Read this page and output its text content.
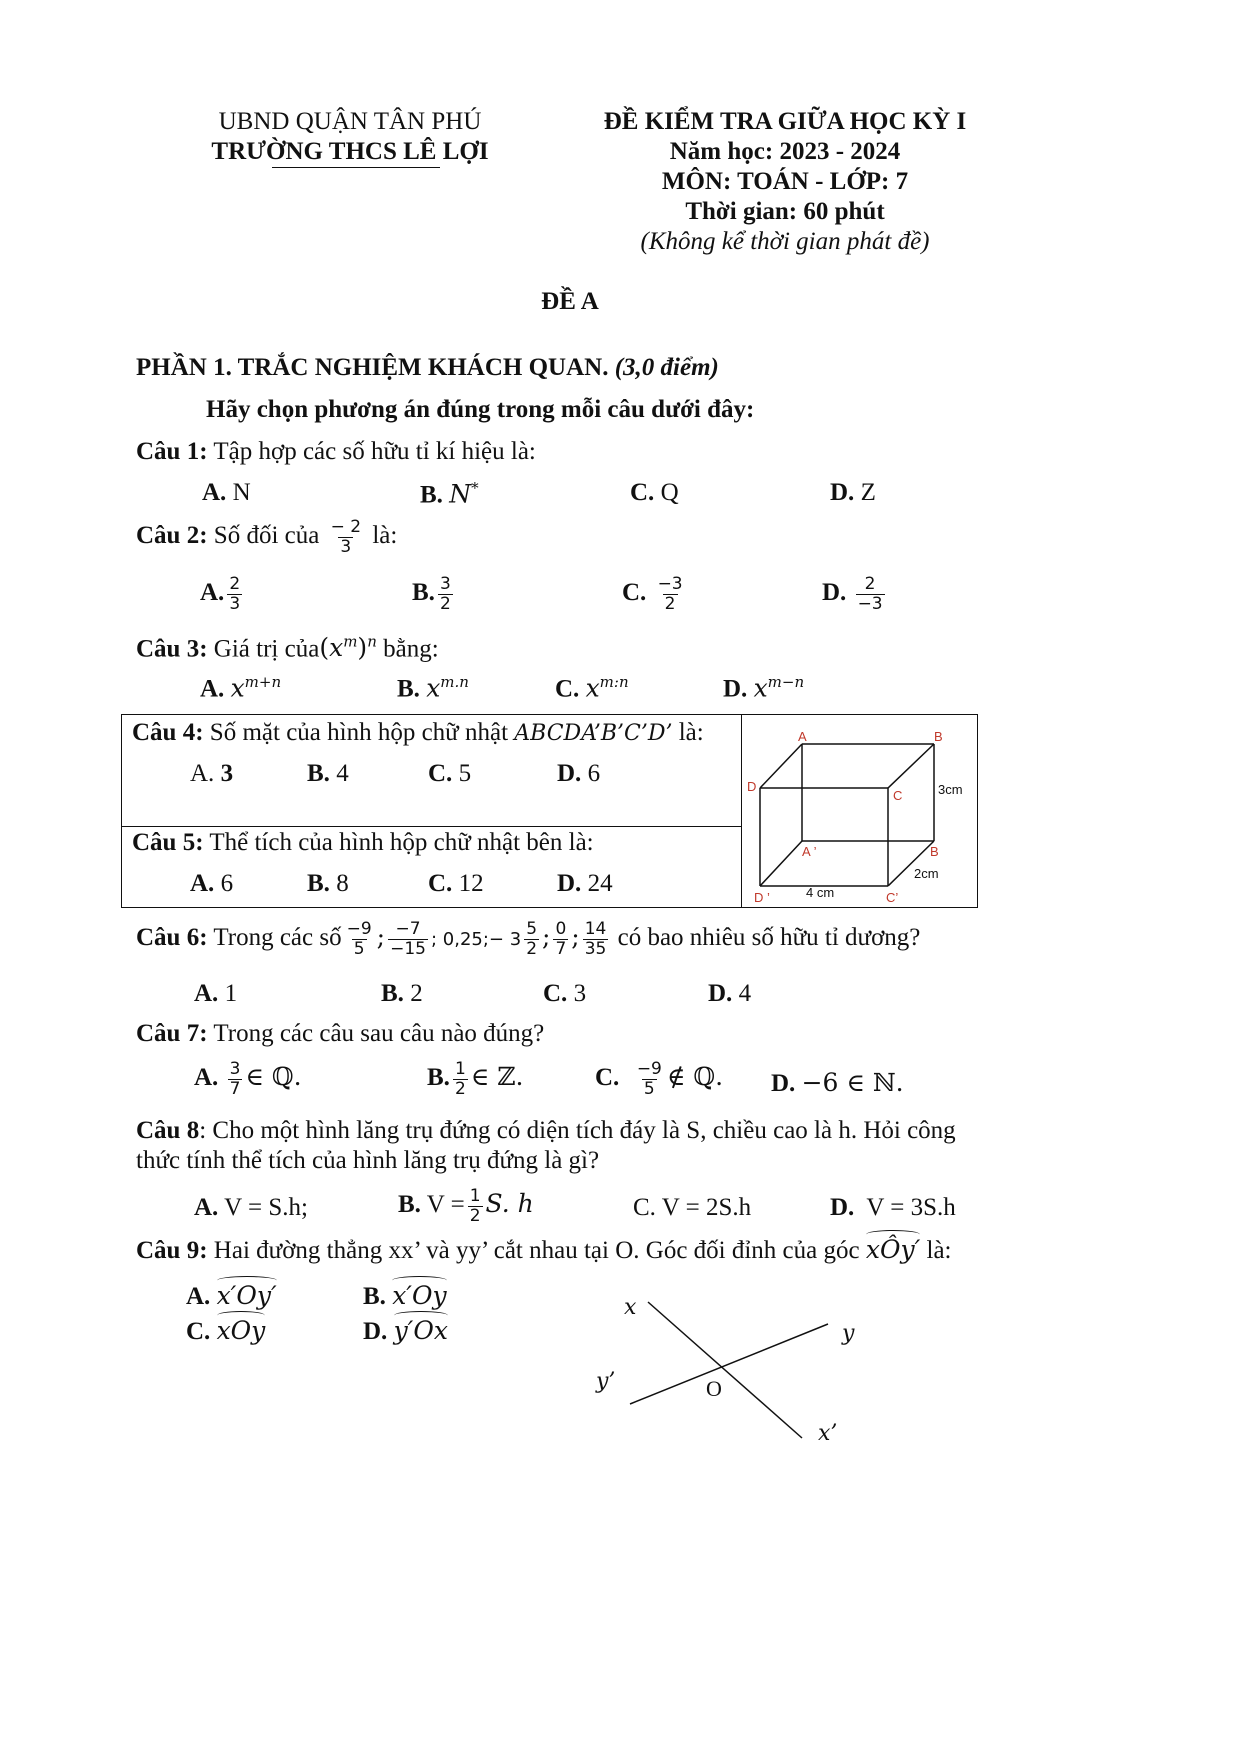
UBND QUẬN TÂN PHÚ
TRƯỜNG THCS LÊ LỢI
ĐỀ KIỂM TRA GIỮA HỌC KỲ I
Năm học: 2023 - 2024
MÔN: TOÁN - LỚP: 7
Thời gian: 60 phút
(Không kể thời gian phát đề)
ĐỀ A
PHẦN 1. TRẮC NGHIỆM KHÁCH QUAN. (3,0 điểm)
Hãy chọn phương án đúng trong mỗi câu dưới đây:
Câu 1: Tập hợp các số hữu tỉ kí hiệu là:
A. N	B. N*	C. Q	D. Z
Câu 2: Số đối của $\frac{- 2}{3}$ là:
A. $\frac{2}{3}$	B. $\frac{3}{2}$	C. $\frac{-3}{2}$	D. $\frac{2}{-3}$
Câu 3: Giá trị $của(x^m)^n$ bằng:
A. $x^{m+n}$	B. $x^{m.n}$	C. $x^{m:n}$	D. $x^{m-n}$
Câu 4: Số mặt của hình hộp chữ nhật ABCDA’B’C’D’ là:
A. 3	B. 4	C. 5	D. 6
Câu 5: Thể tích của hình hộp chữ nhật bên là:
A. 6	B. 8	C. 12	D. 24
A	B
D
C
A ’	B
D ’	C’
3cm
2cm
4 cm
Câu 6: Trong các số $\frac{-9}{5}$ ; $\frac{-7}{-15}$ ; 0,25;− $3 \frac{5}{2}$ ; $\frac{0}{7}$ ; $\frac{14}{35}$ có bao nhiêu số hữu tỉ dương?
A. 1	B. 2	C. 3	D. 4
Câu 7: Trong các câu sau câu nào đúng?
A. $\frac{3}{7}$ ∈ ℚ.	B. $\frac{1}{2}$ ∈ ℤ.	C. $\frac{-9}{5}$ ∉ ℚ. D. −6 ∈ ℕ.
Câu 8: Cho một hình lăng trụ đứng có diện tích đáy là S, chiều cao là h. Hỏi công
thức tính thể tích của hình lăng trụ đứng là gì?
A. V = S.h;	B. $V = \frac{1}{2} S$. h	C. V = 2S.h	D. V = 3S.h
Câu 9: Hai đường thẳng xx’ và yy’ cắt nhau tại O. Góc đối đỉnh của góc xÔy′ là:
A. x′Oy′	B. x′Oy
C. xOy	D. y′Ox
x
y
y’
x’
O
